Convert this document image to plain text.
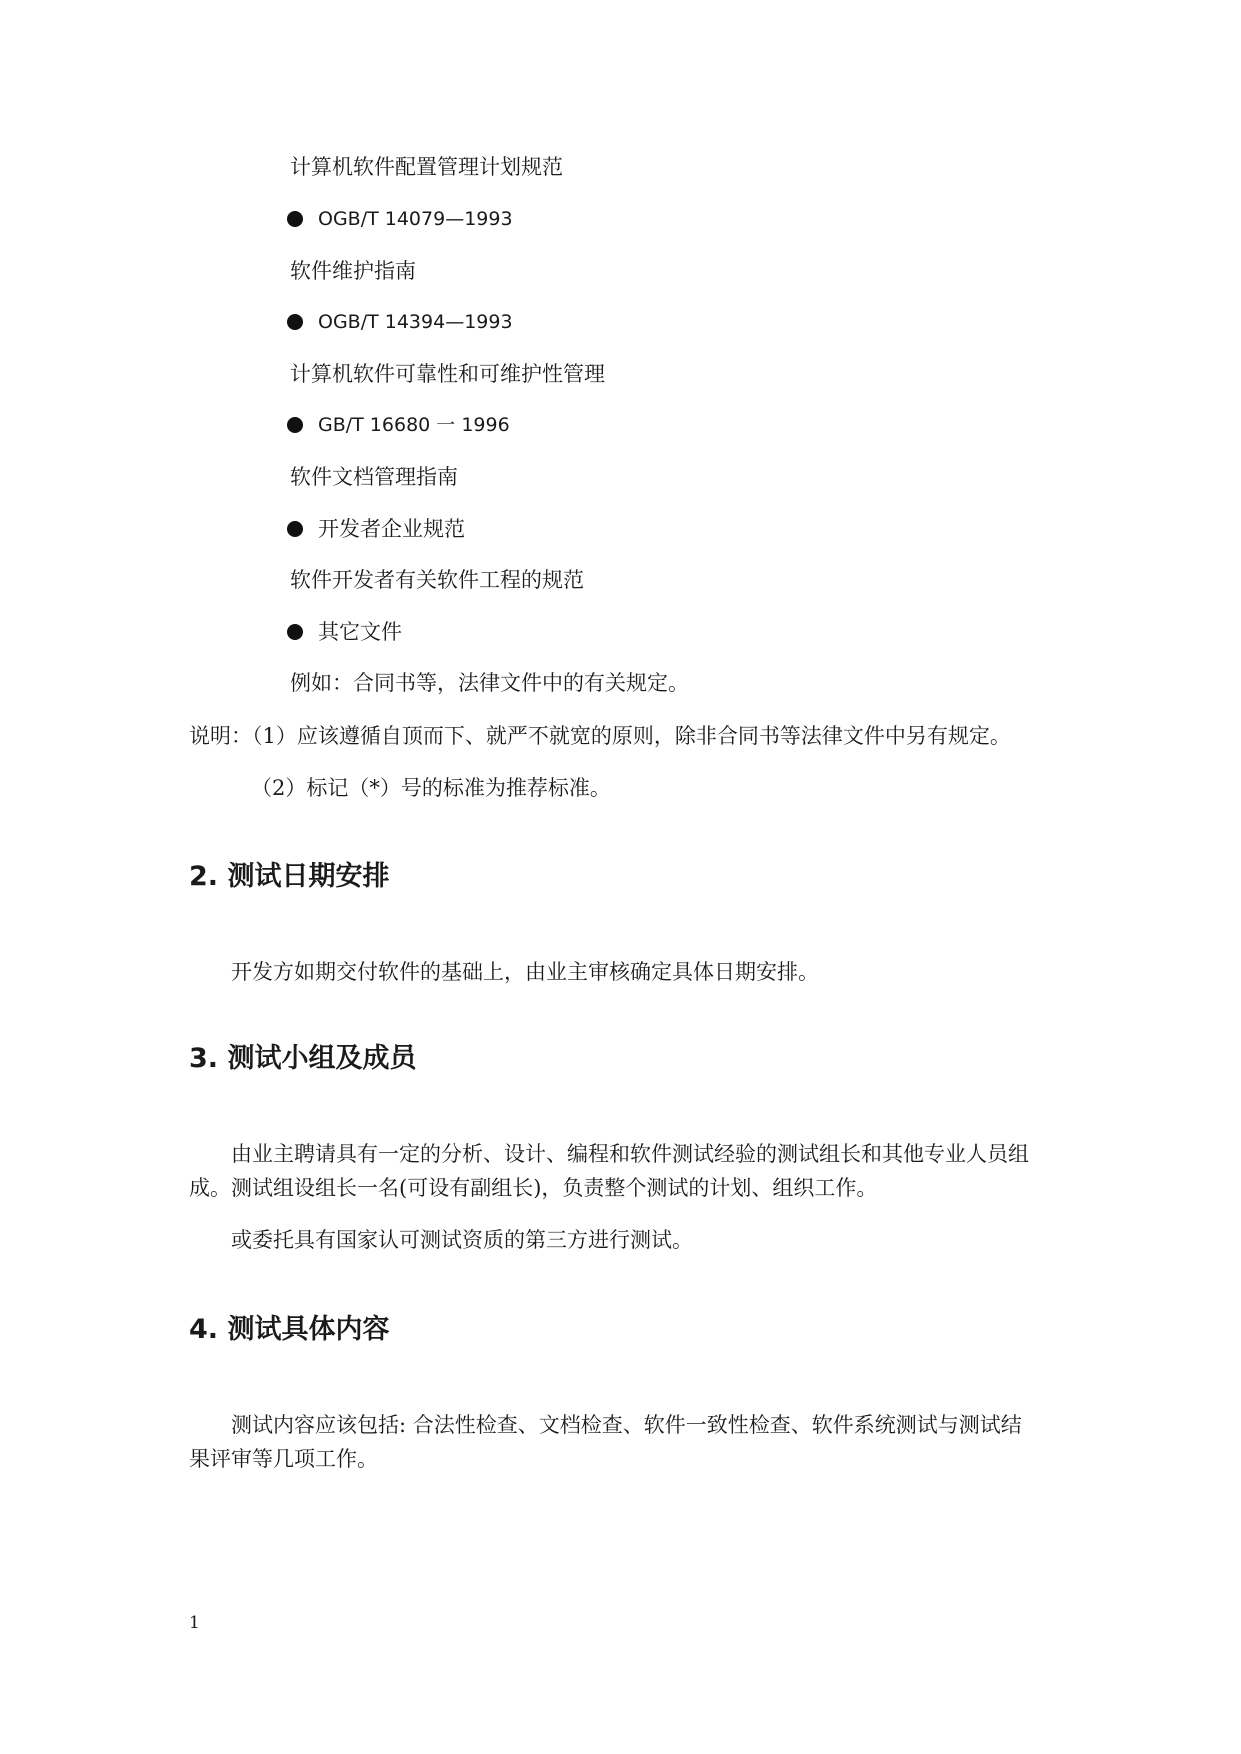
计算机软件配置管理计划规范
OGB/T 14079—1993
软件维护指南
OGB/T 14394—1993
计算机软件可靠性和可维护性管理
GB/T 16680 一 1996
软件文档管理指南
开发者企业规范
软件开发者有关软件工程的规范
其它文件
例如：合同书等，法律文件中的有关规定。
说明：（1）应该遵循自顶而下、就严不就宽的原则，除非合同书等法律文件中另有规定。
（2）标记（*）号的标准为推荐标准。
2. 测试日期安排
开发方如期交付软件的基础上，由业主审核确定具体日期安排。
3. 测试小组及成员
由业主聘请具有一定的分析、设计、编程和软件测试经验的测试组长和其他专业人员组
成。测试组设组长一名(可设有副组长)，负责整个测试的计划、组织工作。
或委托具有国家认可测试资质的第三方进行测试。
4. 测试具体内容
测试内容应该包括: 合法性检查、文档检查、软件一致性检查、软件系统测试与测试结
果评审等几项工作。
1
